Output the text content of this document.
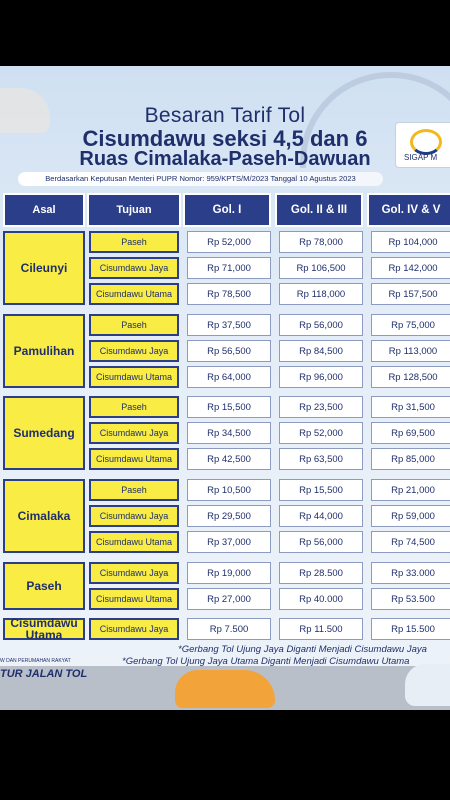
Besaran Tarif Tol
Cisumdawu seksi 4,5 dan 6
Ruas Cimalaka-Paseh-Dawuan	SIGAP M
Berdasarkan Keputusan Menteri PUPR Nomor: 959/KPTS/M/2023 Tanggal 10 Agustus 2023
Asal	Tujuan	Gol. I	Gol. II & III	Gol. IV & V
Cileunyi
Paseh	Rp 52,000	Rp 78,000	Rp 104,000
Cisumdawu Jaya	Rp 71,000	Rp 106,500	Rp 142,000
Cisumdawu Utama	Rp 78,500	Rp 118,000	Rp 157,500
Pamulihan
Paseh	Rp 37,500	Rp 56,000	Rp 75,000
Cisumdawu Jaya	Rp 56,500	Rp 84,500	Rp 113,000
Cisumdawu Utama	Rp 64,000	Rp 96,000	Rp 128,500
Sumedang
Paseh	Rp 15,500	Rp 23,500	Rp 31,500
Cisumdawu Jaya	Rp 34,500	Rp 52,000	Rp 69,500
Cisumdawu Utama	Rp 42,500	Rp 63,500	Rp 85,000
Cimalaka
Paseh	Rp 10,500	Rp 15,500	Rp 21,000
Cisumdawu Jaya	Rp 29,500	Rp 44,000	Rp 59,000
Cisumdawu Utama	Rp 37,000	Rp 56,000	Rp 74,500
Paseh
Cisumdawu Jaya	Rp 19,000	Rp 28.500	Rp 33.000
Cisumdawu Utama	Rp 27,000	Rp 40.000	Rp 53.500
Cisumdawu Utama	Cisumdawu Jaya	Rp 7.500	Rp 11.500	Rp 15.500
*Gerbang Tol Ujung Jaya Diganti Menjadi Cisumdawu Jaya
*Gerbang Tol Ujung Jaya Utama Diganti Menjadi Cisumdawu Utama
W DAN PERUMAHAN RAKYAT
TUR JALAN TOL
